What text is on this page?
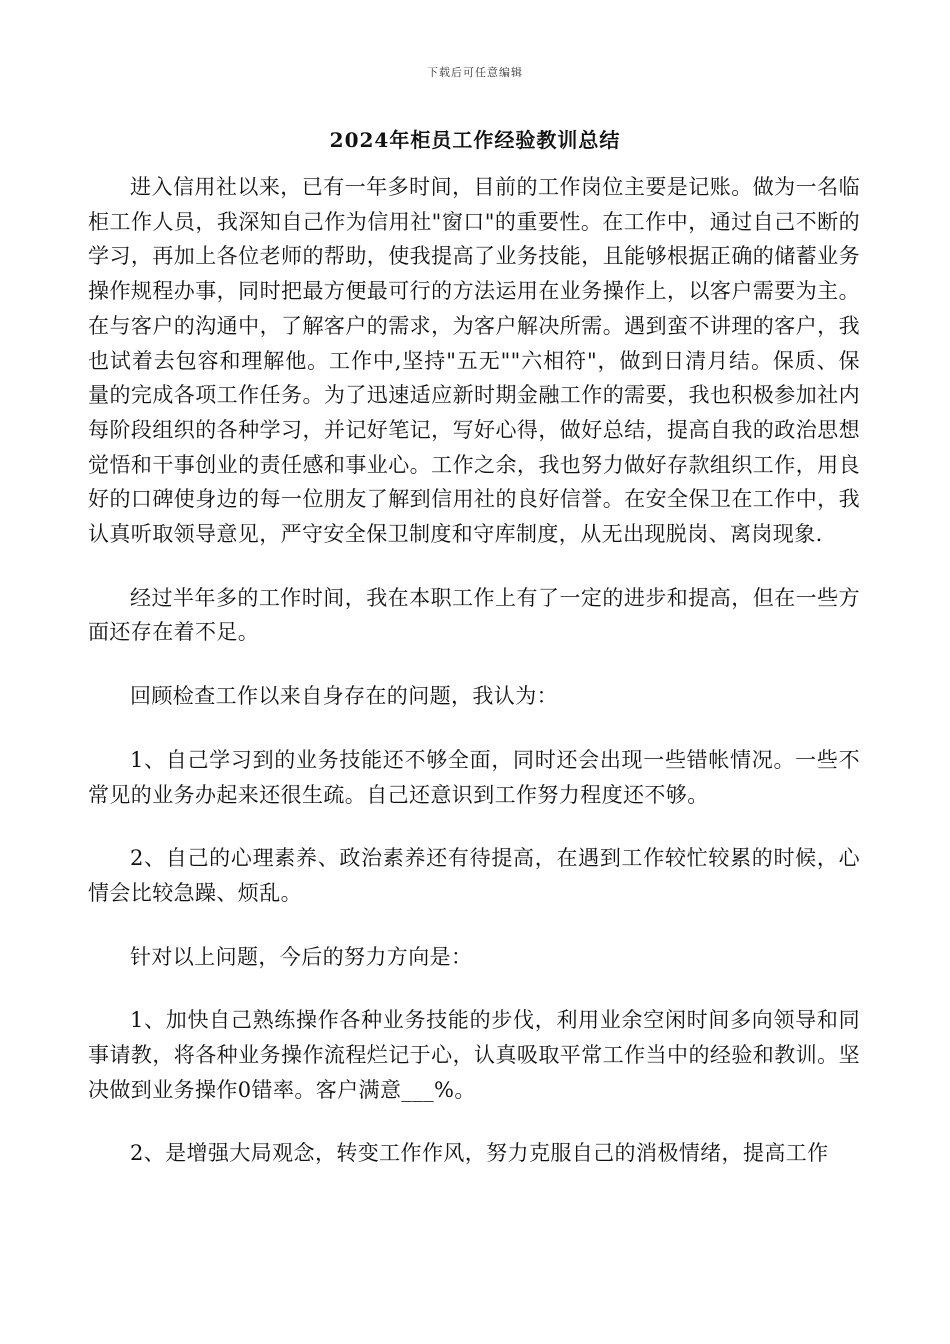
下载后可任意编辑
2024年柜员工作经验教训总结

进入信用社以来，已有一年多时间，目前的工作岗位主要是记账。做为一名临柜工作人员，我深知自己作为信用社"窗口"的重要性。在工作中，通过自己不断的学习，再加上各位老师的帮助，使我提高了业务技能，且能够根据正确的储蓄业务操作规程办事，同时把最方便最可行的方法运用在业务操作上，以客户需要为主。在与客户的沟通中，了解客户的需求，为客户解决所需。遇到蛮不讲理的客户，我也试着去包容和理解他。工作中,坚持"五无""六相符"，做到日清月结。保质、保量的完成各项工作任务。为了迅速适应新时期金融工作的需要，我也积极参加社内每阶段组织的各种学习，并记好笔记，写好心得，做好总结，提高自我的政治思想觉悟和干事创业的责任感和事业心。工作之余，我也努力做好存款组织工作，用良好的口碑使身边的每一位朋友了解到信用社的良好信誉。在安全保卫在工作中，我认真听取领导意见，严守安全保卫制度和守库制度，从无出现脱岗、离岗现象.

经过半年多的工作时间，我在本职工作上有了一定的进步和提高，但在一些方面还存在着不足。

回顾检查工作以来自身存在的问题，我认为：

1、自己学习到的业务技能还不够全面，同时还会出现一些错帐情况。一些不常见的业务办起来还很生疏。自己还意识到工作努力程度还不够。

2、自己的心理素养、政治素养还有待提高，在遇到工作较忙较累的时候，心情会比较急躁、烦乱。

针对以上问题，今后的努力方向是：

1、加快自己熟练操作各种业务技能的步伐，利用业余空闲时间多向领导和同事请教，将各种业务操作流程烂记于心，认真吸取平常工作当中的经验和教训。坚决做到业务操作0错率。客户满意___%。

2、是增强大局观念，转变工作作风，努力克服自己的消极情绪，提高工作
